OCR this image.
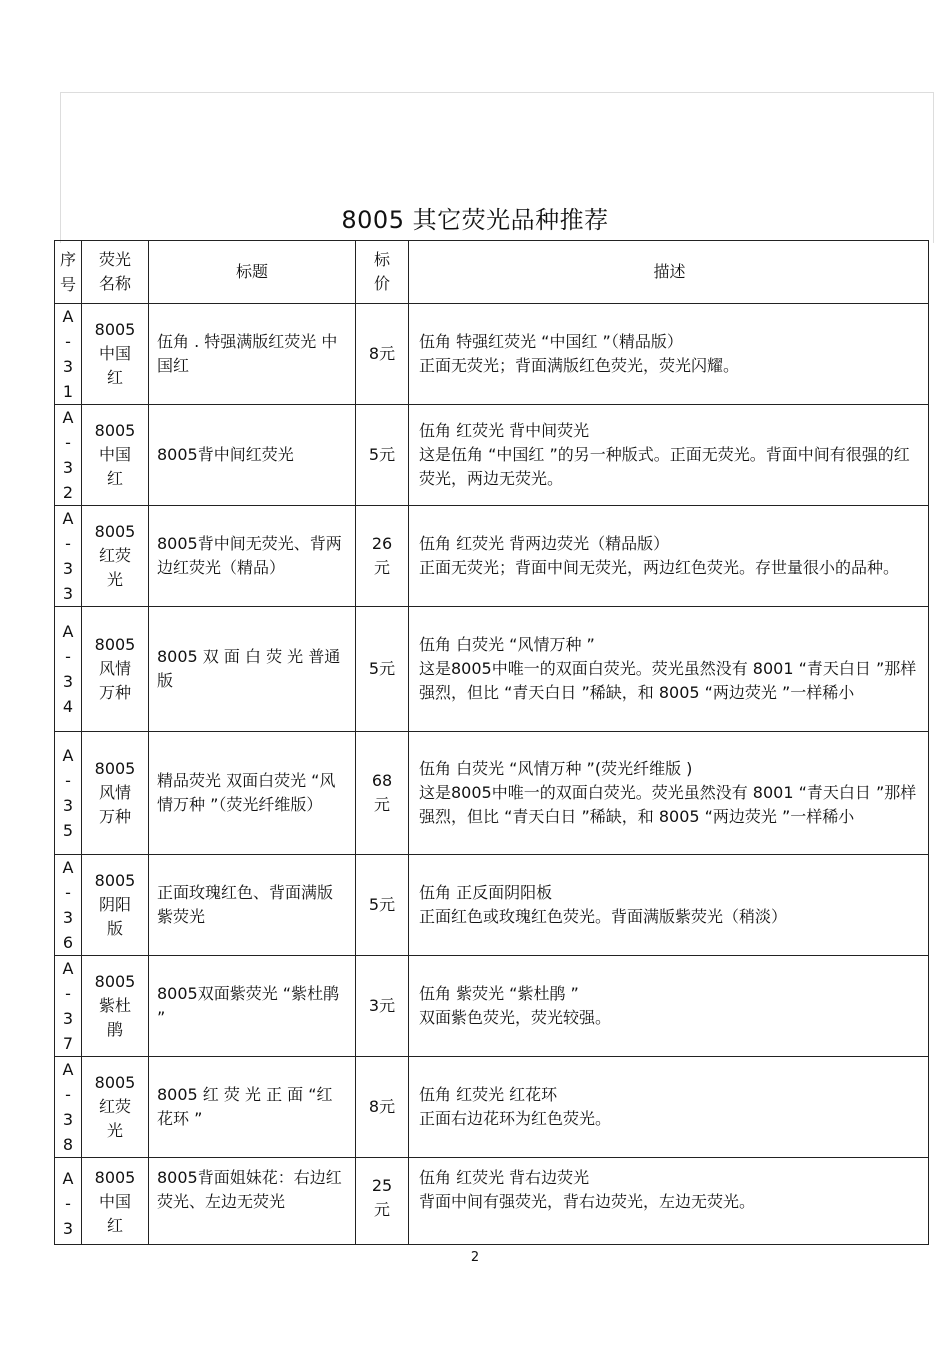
8005 其它荧光品种推荐
序
号	荧光
名称	标题	标
价	描述

A
-
3
1	8005
中国
红	伍角 . 特强满版红荧光 中国红	8元	伍角 特强红荧光 “中国红 ”（精品版）
正面无荧光；背面满版红色荧光，荧光闪耀。

A
-
3
2	8005
中国
红	8005背中间红荧光	5元	伍角 红荧光 背中间荧光
这是伍角 “中国红 ”的另一种版式。正面无荧光。背面中间有很强的红荧光，两边无荧光。

A
-
3
3	8005
红荧
光	8005背中间无荧光、背两边红荧光（精品）	26
元	伍角 红荧光 背两边荧光（精品版）
正面无荧光；背面中间无荧光，两边红色荧光。存世量很小的品种。

A
-
3
4	8005
风情
万种	8005 双 面 白 荧 光 普通版	5元	伍角 白荧光 “风情万种 ”
这是8005中唯一的双面白荧光。荧光虽然没有 8001 “青天白日 ”那样强烈，但比 “青天白日 ”稀缺，和 8005 “两边荧光 ”一样稀小

A
-
3
5	8005
风情
万种	精品荧光 双面白荧光 “风情万种 ”（荧光纤维版）	68
元	伍角 白荧光 “风情万种 ”(荧光纤维版 )
这是8005中唯一的双面白荧光。荧光虽然没有 8001 “青天白日 ”那样强烈，但比 “青天白日 ”稀缺，和 8005 “两边荧光 ”一样稀小

A
-
3
6	8005
阴阳
版	正面玫瑰红色、背面满版紫荧光	5元	伍角 正反面阴阳板
正面红色或玫瑰红色荧光。背面满版紫荧光（稍淡）

A
-
3
7	8005
紫杜
鹃	8005双面紫荧光 “紫杜鹃 ”	3元	伍角 紫荧光 “紫杜鹃 ”
双面紫色荧光，荧光较强。

A
-
3
8	8005
红荧
光	8005 红 荧 光 正 面 “红花环 ”	8元	伍角 红荧光 红花环
正面右边花环为红色荧光。

A
-
3	8005
中国
红	8005背面姐妹花：右边红荧光、左边无荧光	25
元	伍角 红荧光 背右边荧光
背面中间有强荧光，背右边荧光，左边无荧光。
2
